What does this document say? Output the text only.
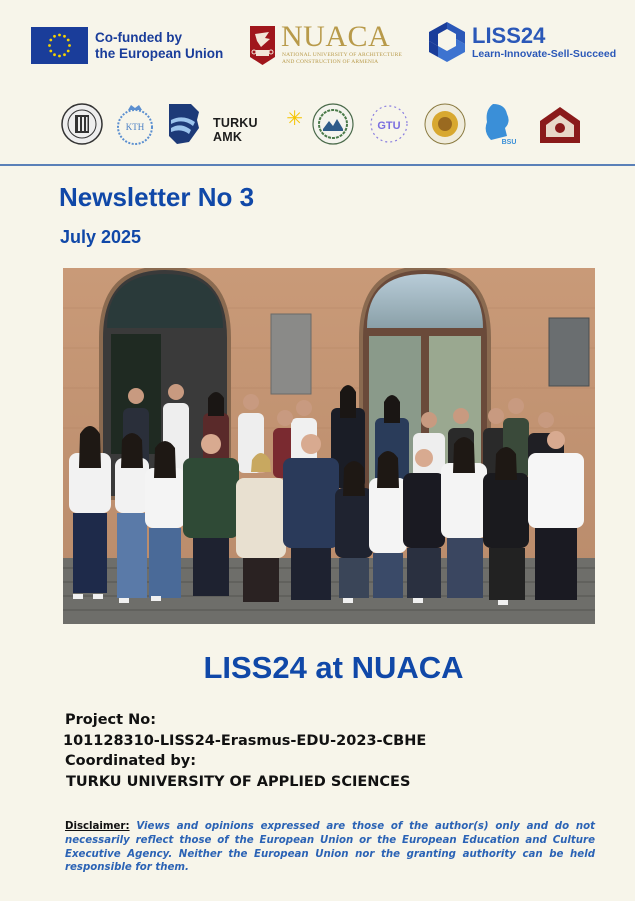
Co-funded by
the European Union
NUACA
NATIONAL UNIVERSITY OF ARCHITECTURE
AND CONSTRUCTION OF ARMENIA
LISS24
Learn-Innovate-Sell-Succeed
KTH	TURKU AMK
✳	GTU
BSU
Newsletter No 3
July 2025
LISS24 at NUACA
Project No:
101128310-LISS24-Erasmus-EDU-2023-CBHE
Coordinated by:
TURKU UNIVERSITY OF APPLIED SCIENCES
Disclaimer: Views and opinions expressed are those of the author(s) only and do not necessarily reflect those of the European Union or the European Education and Culture Executive Agency. Neither the European Union nor the granting authority can be held responsible for them.
